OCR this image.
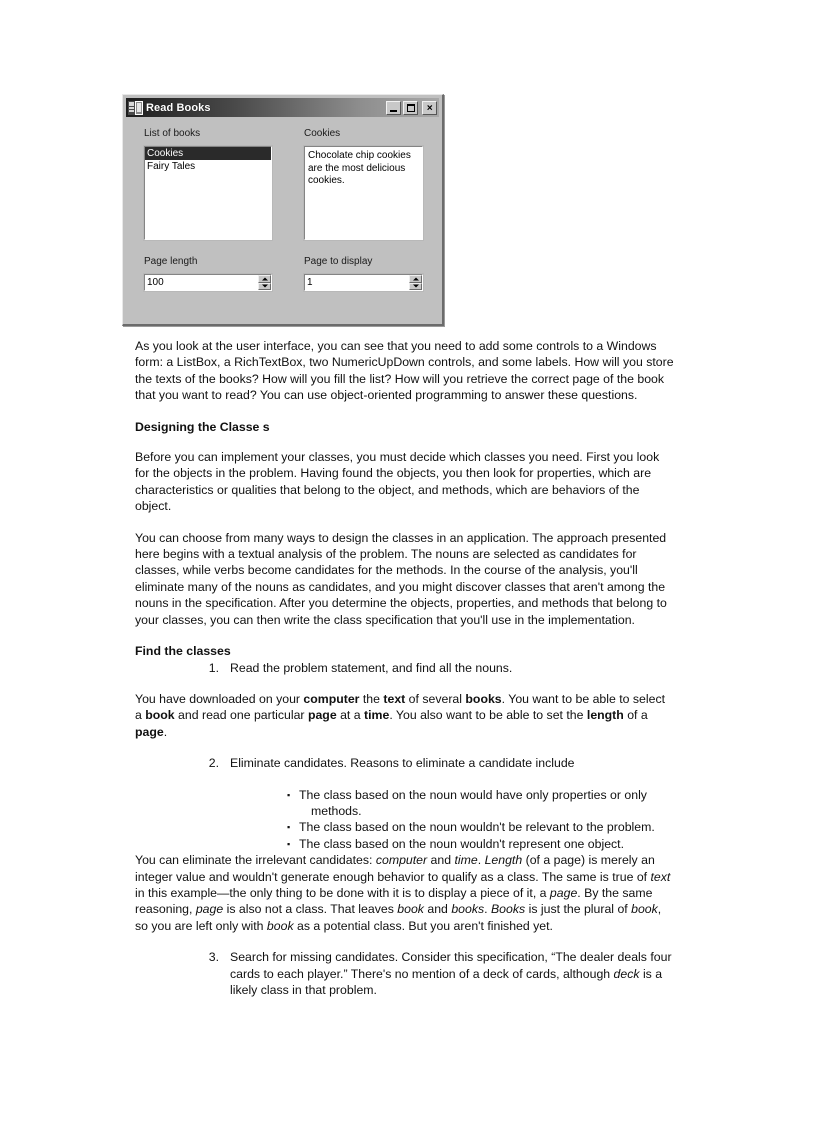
Read Books	×
List of books	Cookies
Cookies
Fairy Tales
Chocolate chip cookies are the most delicious cookies.
Page length	Page to display
100	1

As you look at the user interface, you can see that you need to add some controls to a Windows form: a ListBox, a RichTextBox, two NumericUpDown controls, and some labels. How will you store the texts of the books? How will you fill the list? How will you retrieve the correct page of the book that you want to read? You can use object-oriented programming to answer these questions.

Designing the Classe s

Before you can implement your classes, you must decide which classes you need. First you look for the objects in the problem. Having found the objects, you then look for properties, which are characteristics or qualities that belong to the object, and methods, which are behaviors of the object.

You can choose from many ways to design the classes in an application. The approach presented here begins with a textual analysis of the problem. The nouns are selected as candidates for classes, while verbs become candidates for the methods. In the course of the analysis, you'll eliminate many of the nouns as candidates, and you might discover classes that aren't among the nouns in the specification. After you determine the objects, properties, and methods that belong to your classes, you can then write the class specification that you'll use in the implementation.

Find the classes

1. Read the problem statement, and find all the nouns.

You have downloaded on your computer the text of several books. You want to be able to select a book and read one particular page at a time. You also want to be able to set the length of a page.

2. Eliminate candidates. Reasons to eliminate a candidate include

▪ The class based on the noun would have only properties or only methods.
▪ The class based on the noun wouldn't be relevant to the problem.
▪ The class based on the noun wouldn't represent one object.

You can eliminate the irrelevant candidates: computer and time. Length (of a page) is merely an integer value and wouldn't generate enough behavior to qualify as a class. The same is true of text in this example—the only thing to be done with it is to display a piece of it, a page. By the same reasoning, page is also not a class. That leaves book and books. Books is just the plural of book, so you are left only with book as a potential class. But you aren't finished yet.

3. Search for missing candidates. Consider this specification, “The dealer deals four cards to each player.” There's no mention of a deck of cards, although deck is a likely class in that problem.
